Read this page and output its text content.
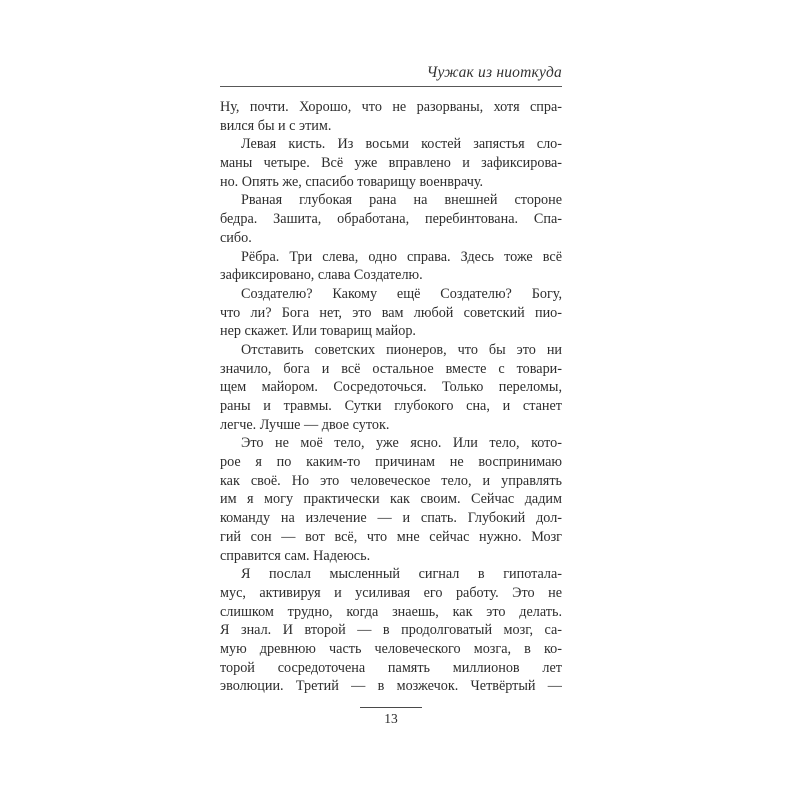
Чужак из ниоткуда
Ну, почти. Хорошо, что не разорваны, хотя спра-
вился бы и с этим.
Левая кисть. Из восьми костей запястья сло-
маны четыре. Всё уже вправлено и зафиксирова-
но. Опять же, спасибо товарищу военврачу.
Рваная глубокая рана на внешней стороне
бедра. Зашита, обработана, перебинтована. Спа-
сибо.
Рёбра. Три слева, одно справа. Здесь тоже всё
зафиксировано, слава Создателю.
Создателю? Какому ещё Создателю? Богу,
что ли? Бога нет, это вам любой советский пио-
нер скажет. Или товарищ майор.
Отставить советских пионеров, что бы это ни
значило, бога и всё остальное вместе с товари-
щем майором. Сосредоточься. Только переломы,
раны и травмы. Сутки глубокого сна, и станет
легче. Лучше — двое суток.
Это не моё тело, уже ясно. Или тело, кото-
рое я по каким-то причинам не воспринимаю
как своё. Но это человеческое тело, и управлять
им я могу практически как своим. Сейчас дадим
команду на излечение — и спать. Глубокий дол-
гий сон — вот всё, что мне сейчас нужно. Мозг
справится сам. Надеюсь.
Я послал мысленный сигнал в гипотала-
мус, активируя и усиливая его работу. Это не
слишком трудно, когда знаешь, как это делать.
Я знал. И второй — в продолговатый мозг, са-
мую древнюю часть человеческого мозга, в ко-
торой сосредоточена память миллионов лет
эволюции. Третий — в мозжечок. Четвёртый —
13
